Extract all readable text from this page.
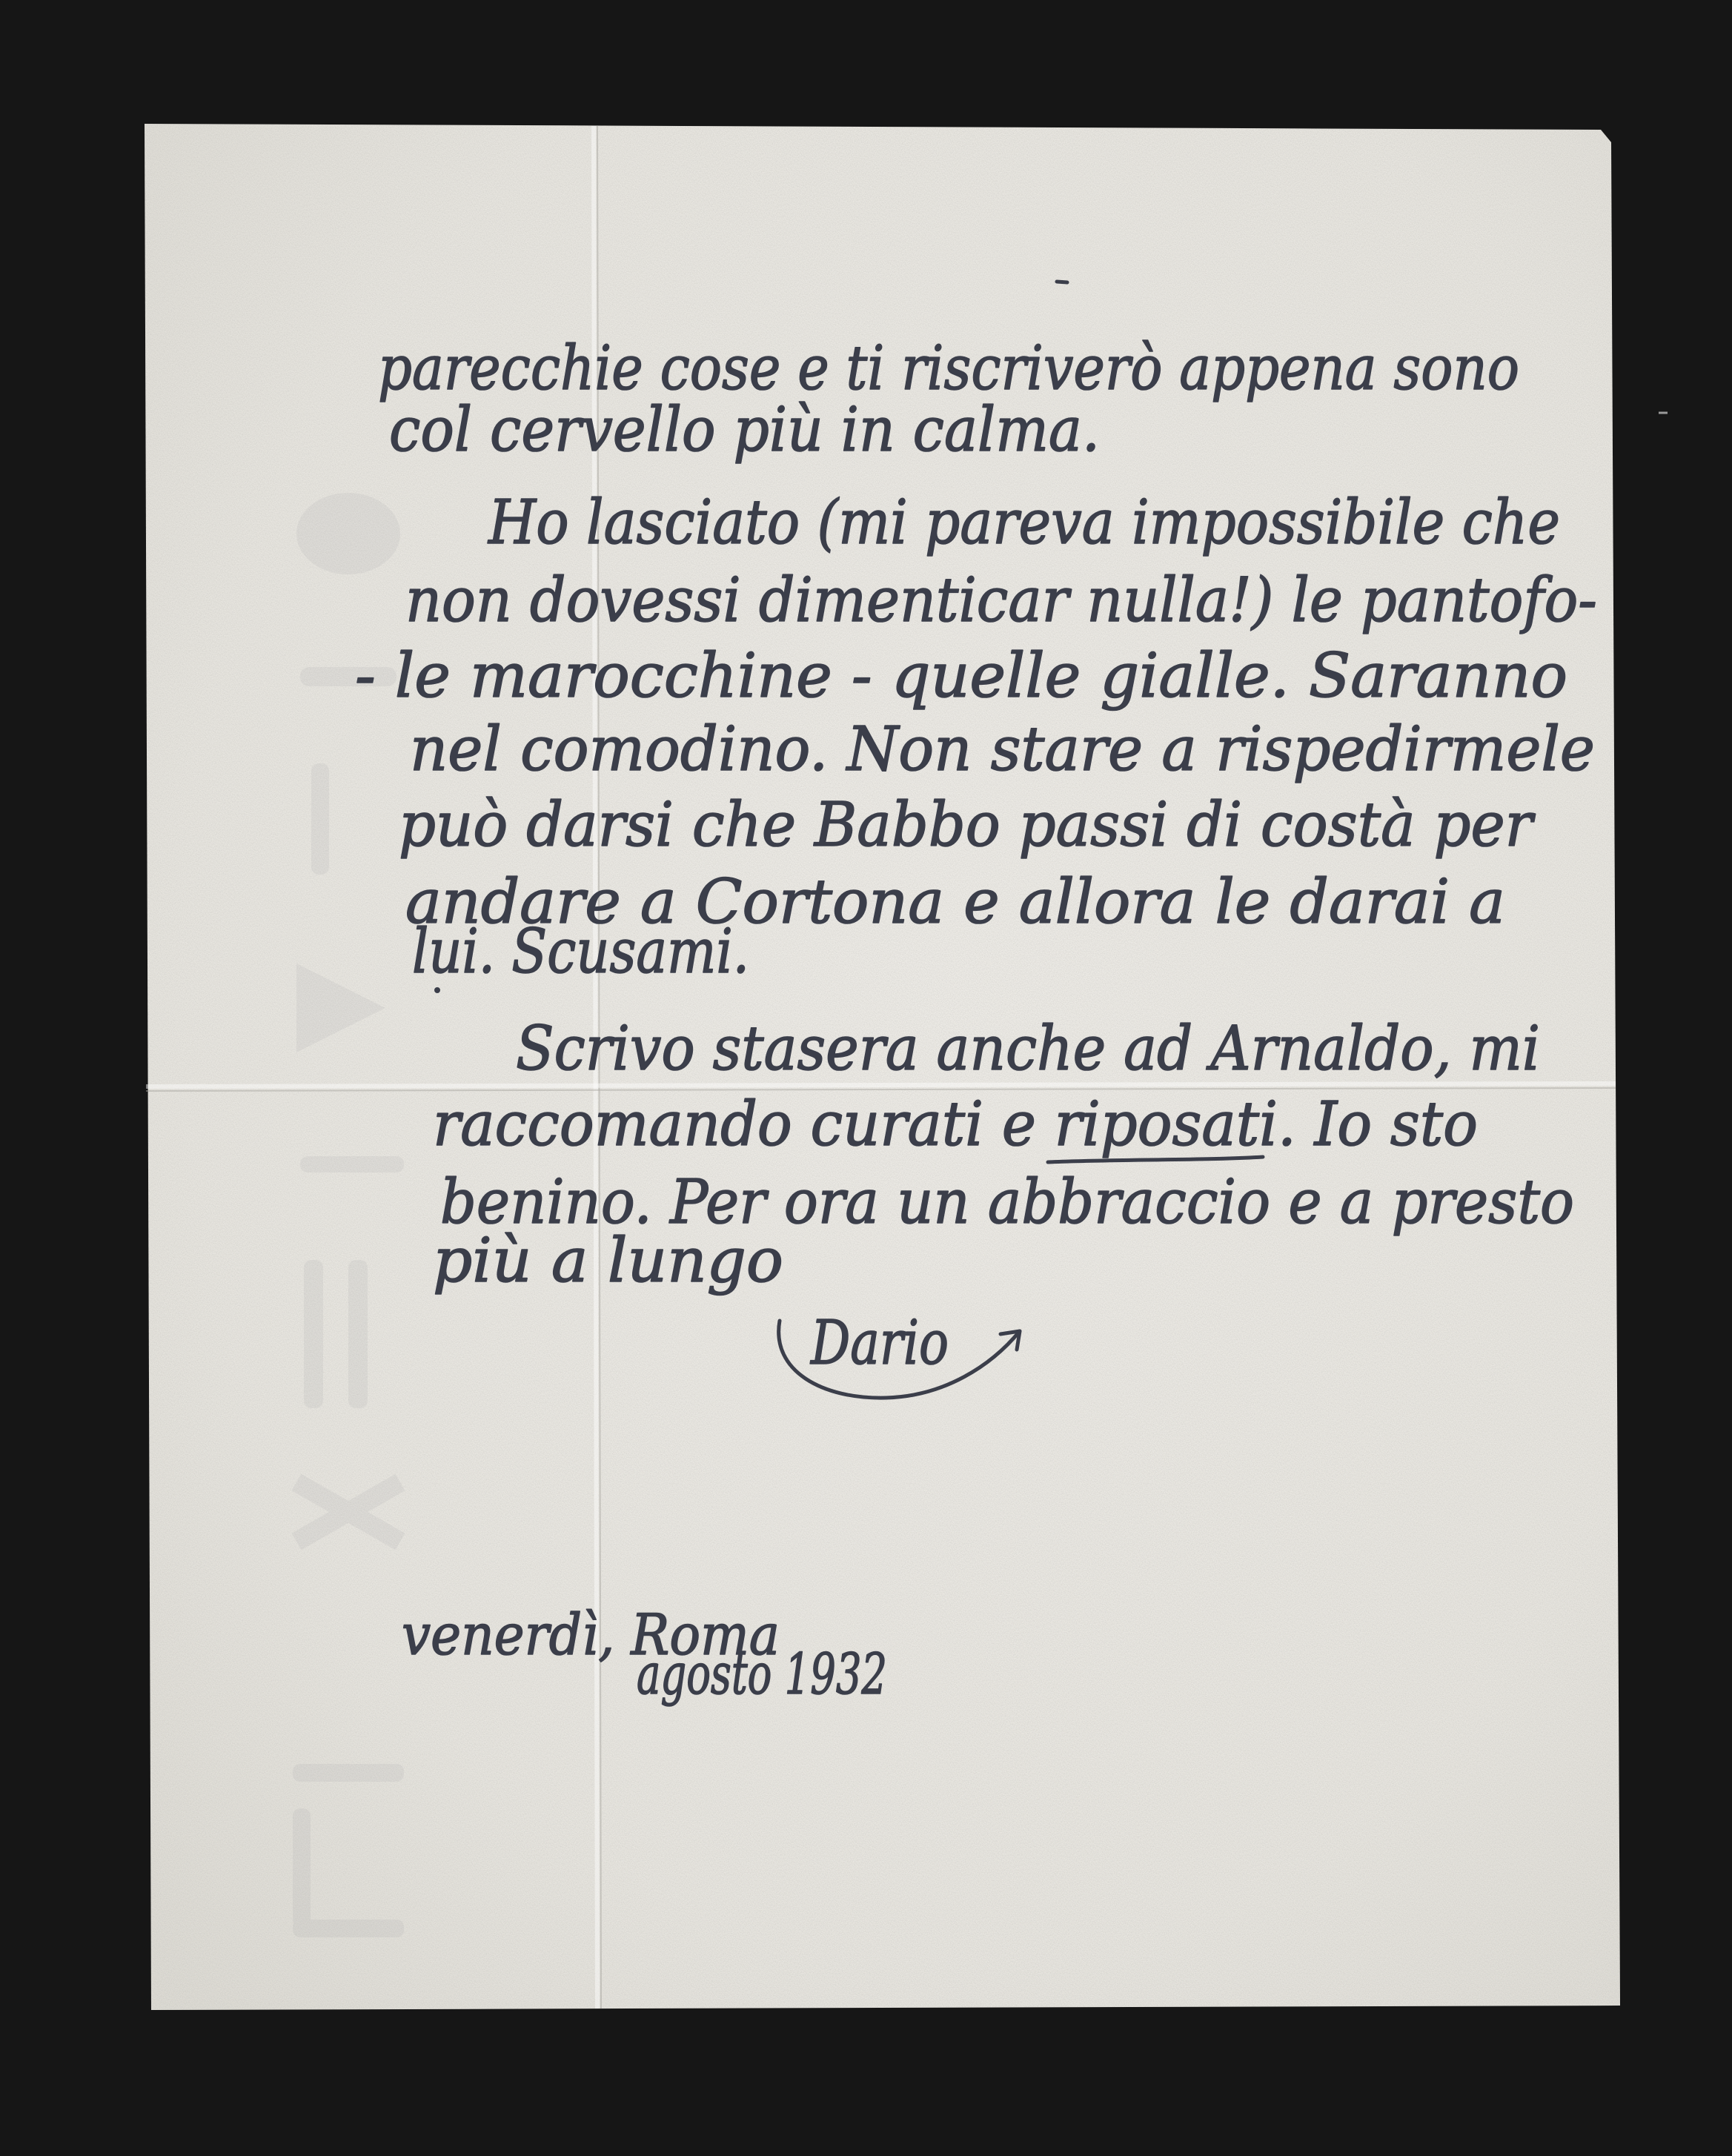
parecchie cose e ti riscriverò appena sono
col cervello più in calma.
Ho lasciato (mi pareva impossibile che
non dovessi dimenticar nulla!) le pantofo-
- le marocchine - quelle gialle. Saranno
nel comodino. Non stare a rispedirmele
può darsi che Babbo passi di costà per
andare a Cortona e allora le darai a
lui. Scusami.
Scrivo stasera anche ad Arnaldo, mi
raccomando curati e riposati. Io sto
benino. Per ora un abbraccio e a presto
più a lungo
Dario
venerdì, Roma
agosto 1932
